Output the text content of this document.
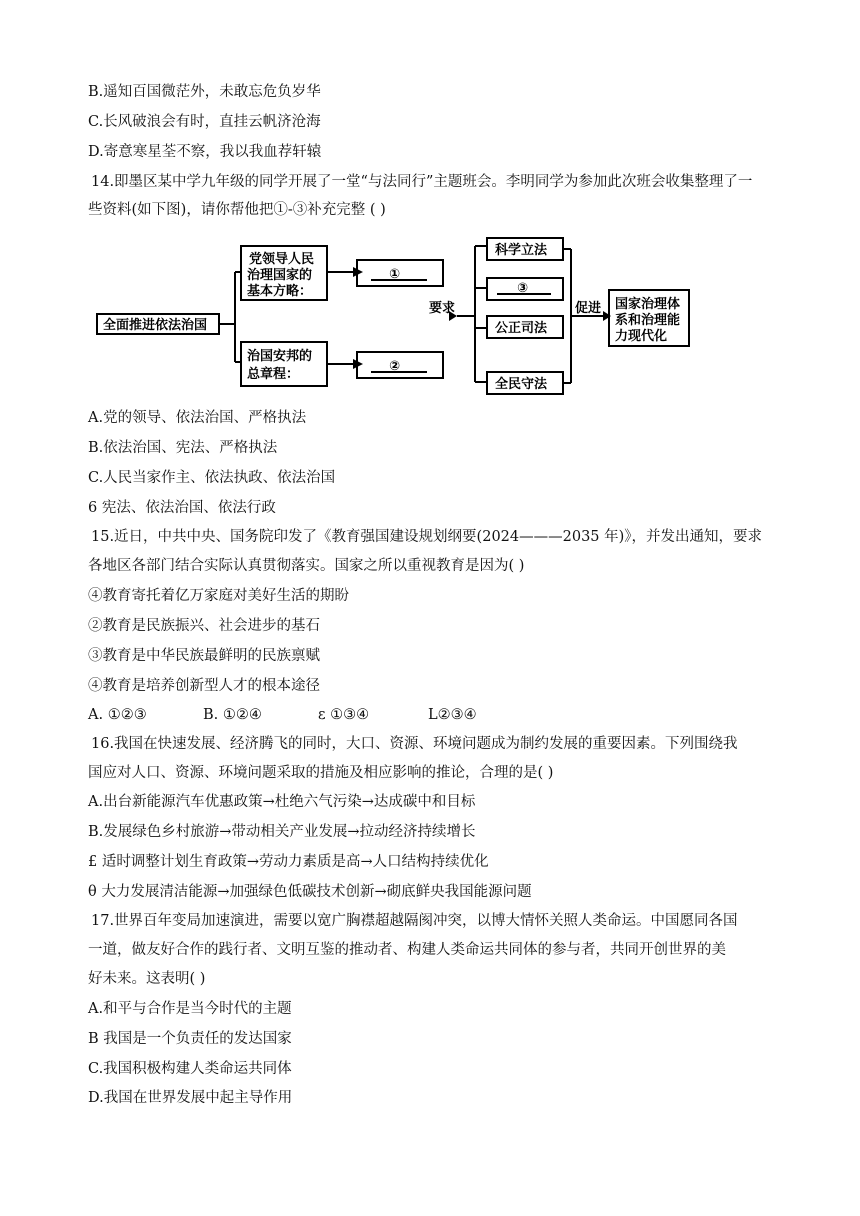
B.遥知百国微茫外，未敢忘危负岁华
C.长风破浪会有时，直挂云帆济沧海
D.寄意寒星荃不察，我以我血荐轩辕
14.即墨区某中学九年级的同学开展了一堂“与法同行”主题班会。李明同学为参加此次班会收集整理了一
些资料(如下图)，请你帮他把①-③补充完整 ( )
全面推进依法治国
党领导人民
治理国家的
基本方略：
治国安邦的
总章程：
①
②
③
要求
科学立法
公正司法
全民守法
促进 国家治理体
系和治理能
力现代化
A.党的领导、依法治国、严格执法
B.依法治国、宪法、严格执法
C.人民当家作主、依法执政、依法治国
6 宪法、依法治国、依法行政
15.近日，中共中央、国务院印发了《教育强国建设规划纲要(2024———2035 年)》，并发出通知，要求
各地区各部门结合实际认真贯彻落实。国家之所以重视教育是因为( )
④教育寄托着亿万家庭对美好生活的期盼
②教育是民族振兴、社会进步的基石
③教育是中华民族最鲜明的民族禀赋
④教育是培养创新型人才的根本途径
A. ①②③	B. ①②④	ε ①③④	L②③④
16.我国在快速发展、经济腾飞的同时，大口、资源、环境问题成为制约发展的重要因素。下列围绕我
国应对人口、资源、环境问题采取的措施及相应影响的推论，合理的是( )
A.出台新能源汽车优惠政策→杜绝六气污染→达成碳中和目标
B.发展绿色乡村旅游→带动相关产业发展→拉动经济持续增长
£ 适时调整计划生育政策→劳动力素质是高→人口结构持续优化
θ 大力发展清洁能源→加强绿色低碳技术创新→砌底鲜央我国能源问题
17.世界百年变局加速演进，需要以宽广胸襟超越隔阂冲突，以博大情怀关照人类命运。中国愿同各国
一道，做友好合作的践行者、文明互鉴的推动者、构建人类命运共同体的参与者，共同开创世界的美
好未来。这表明( )
A.和平与合作是当今时代的主题
B 我国是一个负责任的发达国家
C.我国积极构建人类命运共同体
D.我国在世界发展中起主导作用
